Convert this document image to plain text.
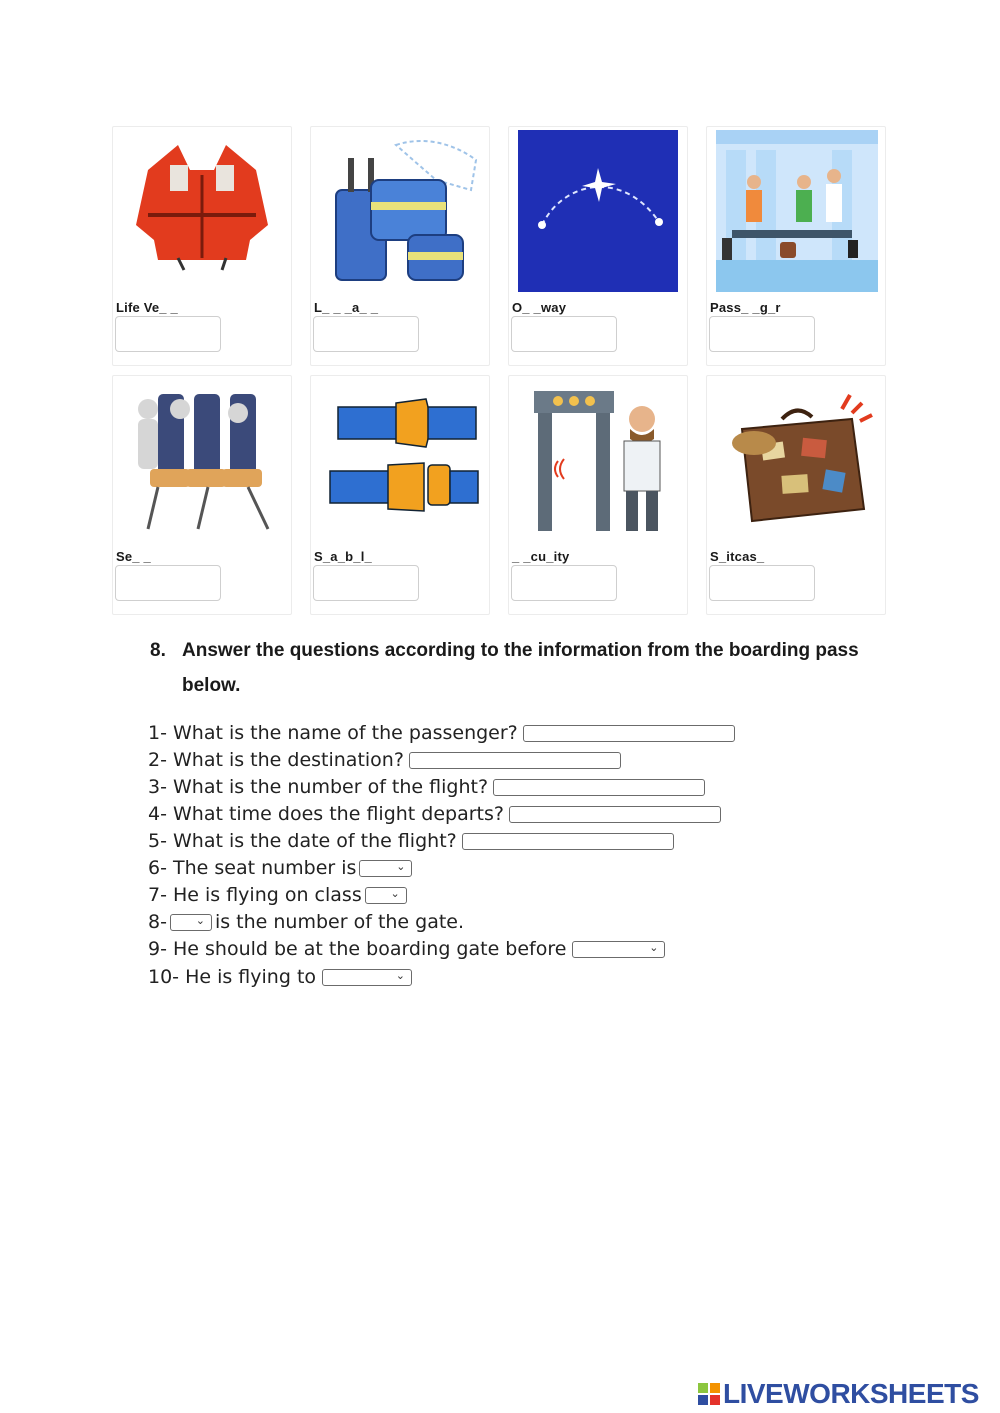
Life Ve_ _	L_ _ _a_ _	O_ _way	Pass_ _g_r
Se_ _	S_a_b_l_	_ _cu_ity	S_itcas_
8. Answer the questions according to the information from the boarding pass below.
1- What is the name of the passenger?
2- What is the destination?
3- What is the number of the flight?
4- What time does the flight departs?
5- What is the date of the flight?
6- The seat number is	⌄
7- He is flying on class	⌄
8-	⌄ is the number of the gate.
9- He should be at the boarding gate before	⌄
10- He is flying to	⌄
LIVEWORKSHEETS
